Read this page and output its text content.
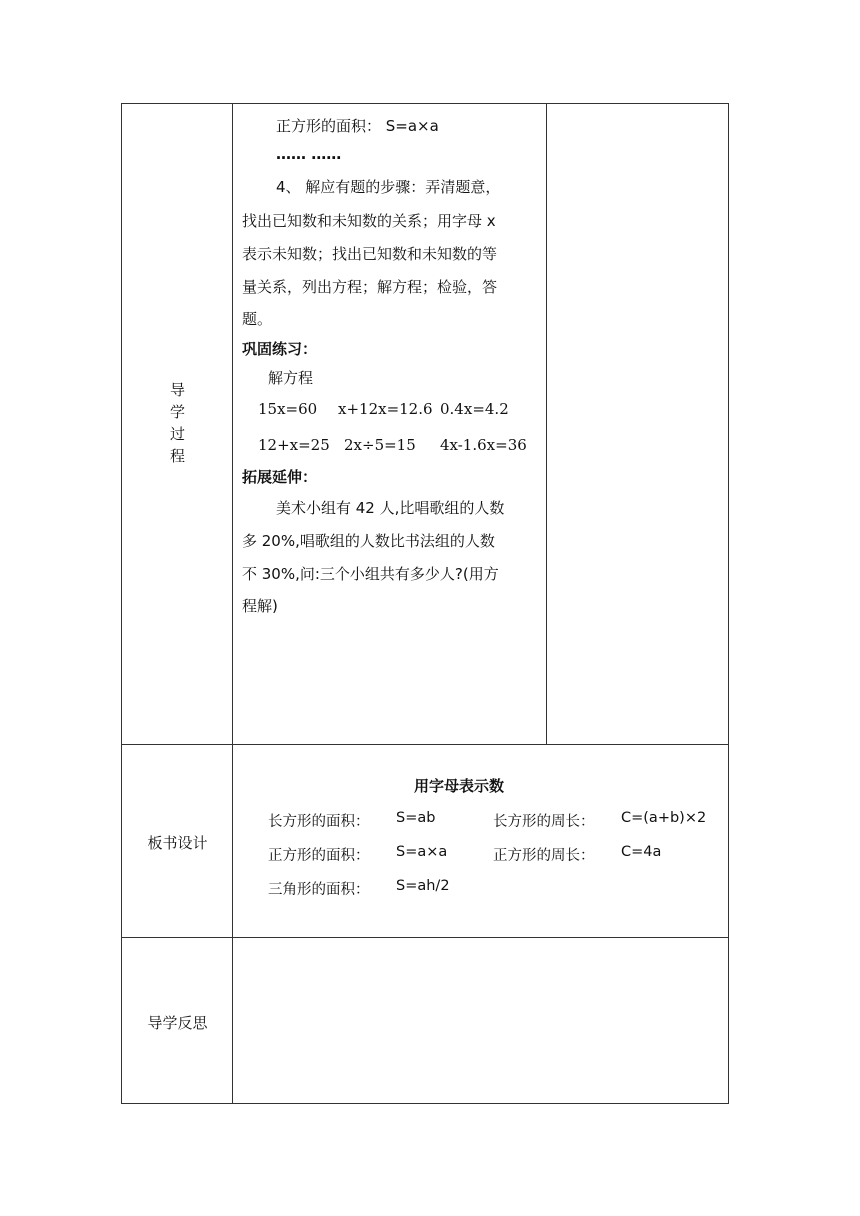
导
学
过
程
正方形的面积： S=a×a
…… ……
4、 解应有题的步骤：弄清题意，
找出已知数和未知数的关系；用字母 x
表示未知数；找出已知数和未知数的等
量关系，列出方程；解方程；检验，答
题。
巩固练习：
解方程
15x=60 x+12x=12.6 0.4x=4.2
12+x=25 2x÷5=15 4x-1.6x=36
拓展延伸：
美术小组有 42 人,比唱歌组的人数
多 20%,唱歌组的人数比书法组的人数
不 30%,问:三个小组共有多少人?(用方
程解)
板书设计
用字母表示数
长方形的面积： S=ab	长方形的周长： C=(a+b)×2
正方形的面积： S=a×a	正方形的周长： C=4a
三角形的面积： S=ah/2
导学反思
